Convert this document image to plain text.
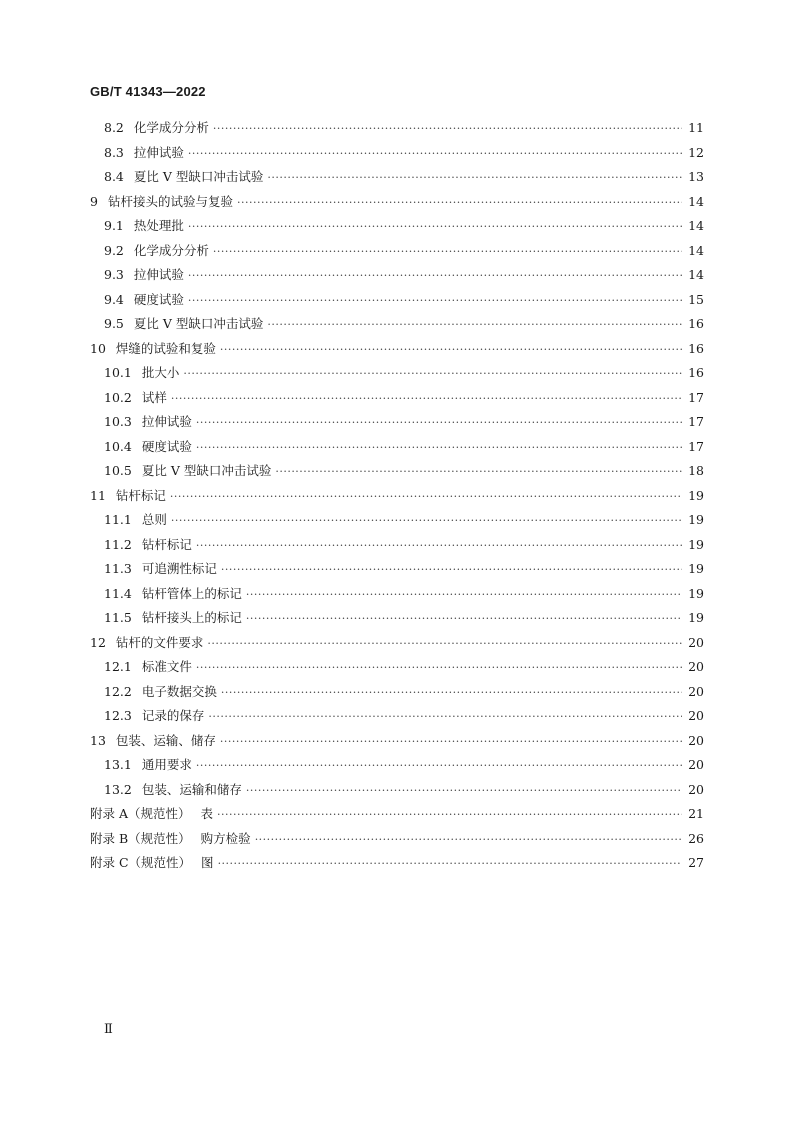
GB/T 41343—2022
8.2 化学成分分析 ·····	11
8.3 拉伸试验 ·····	12
8.4 夏比 V 型缺口冲击试验 ·····	13
9 钻杆接头的试验与复验 ·····	14
9.1 热处理批 ·····	14
9.2 化学成分分析 ·····	14
9.3 拉伸试验 ·····	14
9.4 硬度试验 ·····	15
9.5 夏比 V 型缺口冲击试验 ·····	16
10 焊缝的试验和复验 ·····	16
10.1 批大小 ·····	16
10.2 试样 ·····	17
10.3 拉伸试验 ·····	17
10.4 硬度试验 ·····	17
10.5 夏比 V 型缺口冲击试验 ·····	18
11 钻杆标记 ·····	19
11.1 总则 ·····	19
11.2 钻杆标记 ·····	19
11.3 可追溯性标记 ·····	19
11.4 钻杆管体上的标记 ·····	19
11.5 钻杆接头上的标记 ·····	19
12 钻杆的文件要求 ·····	20
12.1 标准文件 ·····	20
12.2 电子数据交换 ·····	20
12.3 记录的保存 ·····	20
13 包装、运输、储存 ·····	20
13.1 通用要求 ·····	20
13.2 包装、运输和储存 ·····	20
附录 A（规范性） 表 ·····	21
附录 B（规范性） 购方检验 ·····	26
附录 C（规范性） 图 ·····	27
Ⅱ
